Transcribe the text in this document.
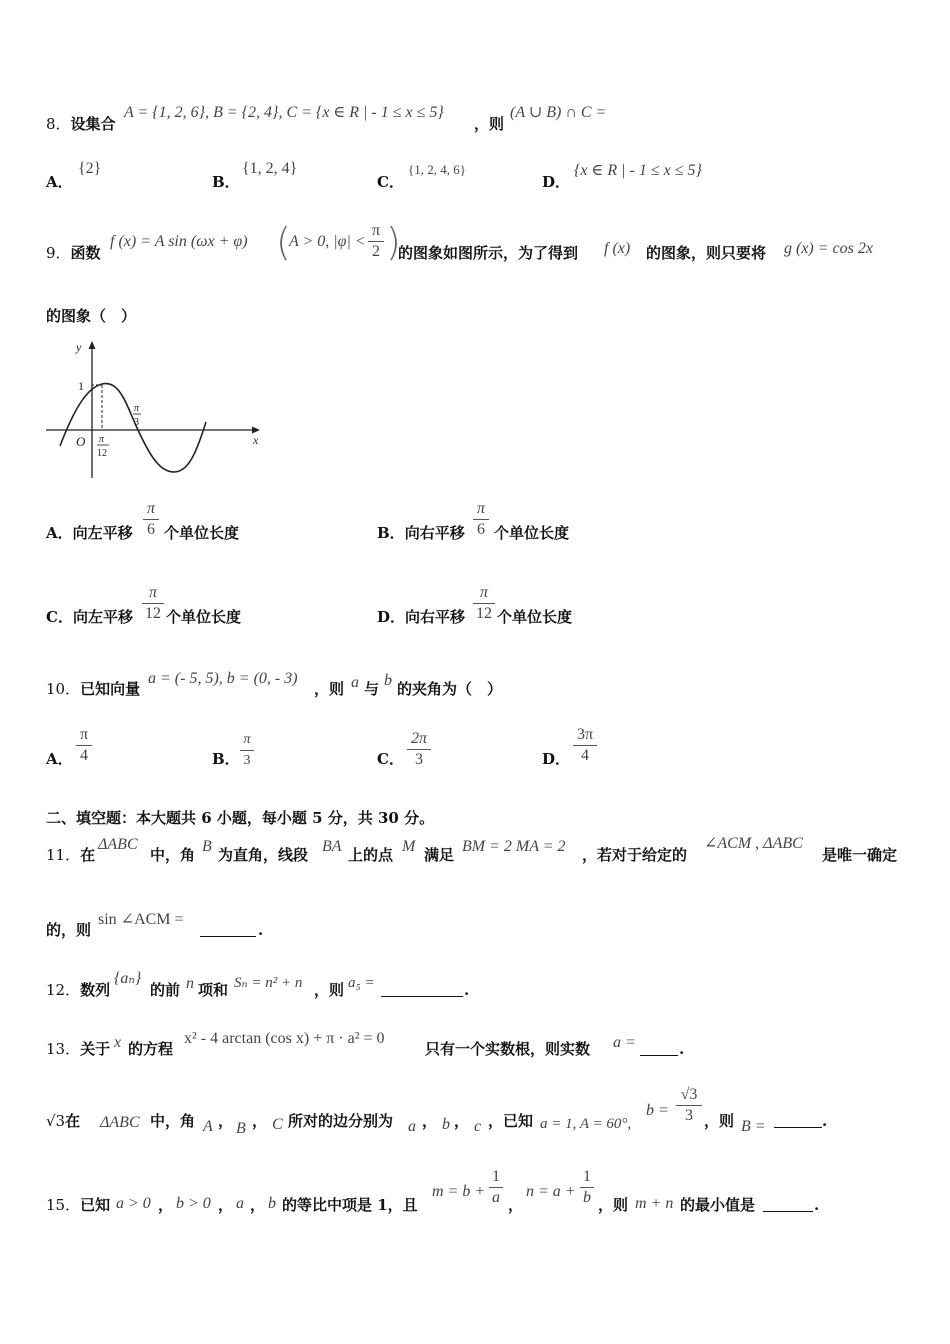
8．设集合
A = {1, 2, 6}, B = {2, 4}, C = {x ∈ R | - 1 ≤ x ≤ 5}
，则
(A ∪ B) ∩ C =
A．
{2}
B．
{1, 2, 4}
C．
{1, 2, 4, 6}
D．
{x ∈ R | - 1 ≤ x ≤ 5}
9．函数
f (x) = A sin (ωx + φ) (
A > 0, |φ| <
π
2 )
的图象如图所示，为了得到 f (x) 的图象，则只要将 g (x) = cos 2x
的图象（　）
y
x
O
1
π
12
π
3
A．向左平移
π
6 个单位长度	B．向右平移
π
6 个单位长度
C．向左平移
π
12 个单位长度	D．向右平移
π
12 个单位长度
10．已知向量
a = (- 5, 5), b = (0, - 3)
，则 a 与 b 的夹角为（　）
A．
π
4	B．
π
3	C．
2π
3	D．
3π
4
二、填空题：本大题共 6 小题，每小题 5 分，共 30 分。
11．在
ΔABC
中，角 B 为直角，线段 BA 上的点 M 满足 BM = 2 MA = 2 ，若对于给定的
∠ACM , ΔABC
是唯一确定
的，则
sin ∠ACM =
.
12．数列
{aₙ}
的前 n 项和 Sₙ = n² + n ，则 a₅ =	.
13．关于 x 的方程
x² - 4 arctan (cos x) + π · a² = 0
只有一个实数根，则实数 a =	.
√3在 ΔABC 中，角 A ， B ， C 所对的边分别为 a ， b ， c ，已知 a = 1, A = 60°,
b =
√3
3 ，则 B =	.
15．已知 a > 0 ， b > 0 ， a ， b 的等比中项是 1，且
m = b +
1
a ，
n = a +
1
b ，则 m + n 的最小值是	.
